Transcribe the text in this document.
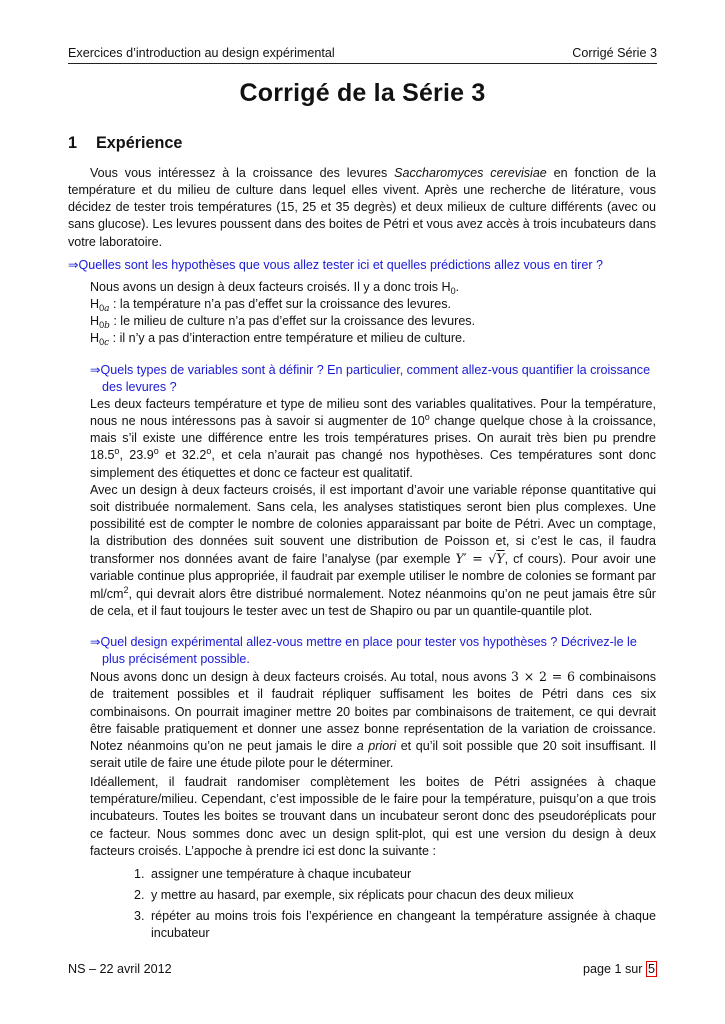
Exercices d’introduction au design expérimental	Corrigé Série 3
Corrigé de la Série 3
1 Expérience

Vous vous intéressez à la croissance des levures Saccharomyces cerevisiae en fonction de la température et du milieu de culture dans lequel elles vivent. Après une recherche de litérature, vous décidez de tester trois températures (15, 25 et 35 degrès) et deux milieux de culture différents (avec ou sans glucose). Les levures poussent dans des boites de Pétri et vous avez accès à trois incubateurs dans votre laboratoire.

⇒Quelles sont les hypothèses que vous allez tester ici et quelles prédictions allez vous en tirer ?

Nous avons un design à deux facteurs croisés. Il y a donc trois $H_0$.

$H_{0a}$ : la température n’a pas d’effet sur la croissance des levures.

$H_{0b}$ : le milieu de culture n’a pas d’effet sur la croissance des levures.

$H_{0c}$ : il n’y a pas d’interaction entre température et milieu de culture.

⇒Quels types de variables sont à définir ? En particulier, comment allez-vous quantifier la croissance des levures ?

Les deux facteurs température et type de milieu sont des variables qualitatives. Pour la température, nous ne nous intéressons pas à savoir si augmenter de 10$^o$ change quelque chose à la croissance, mais s’il existe une différence entre les trois températures prises. On aurait très bien pu prendre 18.5$^o$, 23.9$^o$ et 32.2$^o$, et cela n’aurait pas changé nos hypothèses. Ces températures sont donc simplement des étiquettes et donc ce facteur est qualitatif.

Avec un design à deux facteurs croisés, il est important d’avoir une variable réponse quantitative qui soit distribuée normalement. Sans cela, les analyses statistiques seront bien plus complexes. Une possibilité est de compter le nombre de colonies apparaissant par boite de Pétri. Avec un comptage, la distribution des données suit souvent une distribution de Poisson et, si c’est le cas, il faudra transformer nos données avant de faire l’analyse (par exemple Y′ = √Y, cf cours). Pour avoir une variable continue plus appropriée, il faudrait par exemple utiliser le nombre de colonies se formant par $ml/cm^2$, qui devrait alors être distribué normalement. Notez néanmoins qu’on ne peut jamais être sûr de cela, et il faut toujours le tester avec un test de Shapiro ou par un quantile-quantile plot.

⇒Quel design expérimental allez-vous mettre en place pour tester vos hypothèses ? Décrivez-le le plus précisément possible.

Nous avons donc un design à deux facteurs croisés. Au total, nous avons 3 × 2 = 6 combinaisons de traitement possibles et il faudrait répliquer suffisament les boites de Pétri dans ces six combinaisons. On pourrait imaginer mettre 20 boites par combinaisons de traitement, ce qui devrait être faisable pratiquement et donner une assez bonne représentation de la variation de croissance. Notez néanmoins qu’on ne peut jamais le dire a priori et qu’il soit possible que 20 soit insuffisant. Il serait utile de faire une étude pilote pour le déterminer.

Idéallement, il faudrait randomiser complètement les boites de Pétri assignées à chaque température/milieu. Cependant, c’est impossible de le faire pour la température, puisqu’on a que trois incubateurs. Toutes les boites se trouvant dans un incubateur seront donc des pseudoréplicats pour ce facteur. Nous sommes donc avec un design split-plot, qui est une version du design à deux facteurs croisés. L’appoche à prendre ici est donc la suivante :

1. assigner une température à chaque incubateur
2. y mettre au hasard, par exemple, six réplicats pour chacun des deux milieux
3. répéter au moins trois fois l’expérience en changeant la température assignée à chaque incubateur
NS – 22 avril 2012	page 1 sur 5
